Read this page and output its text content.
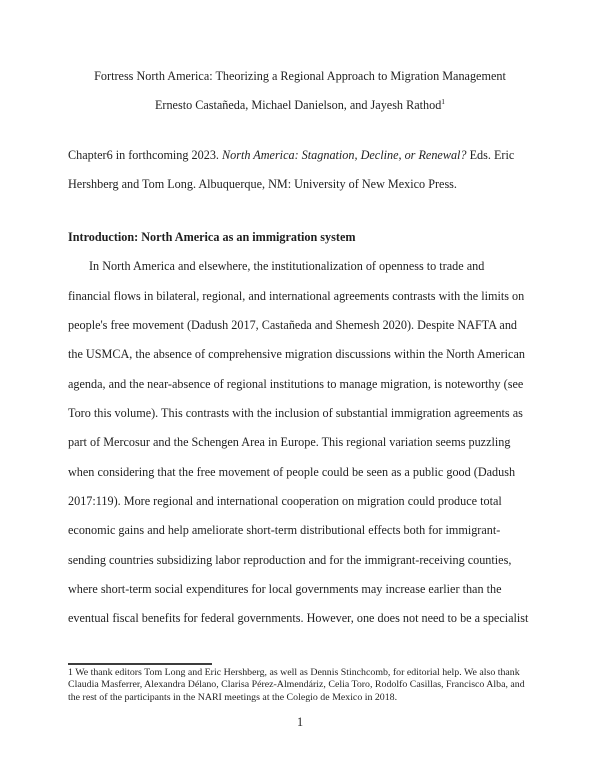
Fortress North America: Theorizing a Regional Approach to Migration Management
Ernesto Castañeda, Michael Danielson, and Jayesh Rathod$^1$
Chapter6 in forthcoming 2023. North America: Stagnation, Decline, or Renewal? Eds. Eric
Hershberg and Tom Long. Albuquerque, NM: University of New Mexico Press.
Introduction: North America as an immigration system
In North America and elsewhere, the institutionalization of openness to trade and
financial flows in bilateral, regional, and international agreements contrasts with the limits on
people's free movement (Dadush 2017, Castañeda and Shemesh 2020). Despite NAFTA and
the USMCA, the absence of comprehensive migration discussions within the North American
agenda, and the near-absence of regional institutions to manage migration, is noteworthy (see
Toro this volume). This contrasts with the inclusion of substantial immigration agreements as
part of Mercosur and the Schengen Area in Europe. This regional variation seems puzzling
when considering that the free movement of people could be seen as a public good (Dadush
2017:119). More regional and international cooperation on migration could produce total
economic gains and help ameliorate short-term distributional effects both for immigrant-
sending countries subsidizing labor reproduction and for the immigrant-receiving counties,
where short-term social expenditures for local governments may increase earlier than the
eventual fiscal benefits for federal governments. However, one does not need to be a specialist
1 We thank editors Tom Long and Eric Hershberg, as well as Dennis Stinchcomb, for editorial help. We also thank
Claudia Masferrer, Alexandra Délano, Clarisa Pérez-Almendáriz, Celia Toro, Rodolfo Casillas, Francisco Alba, and
the rest of the participants in the NARI meetings at the Colegio de Mexico in 2018.
1
